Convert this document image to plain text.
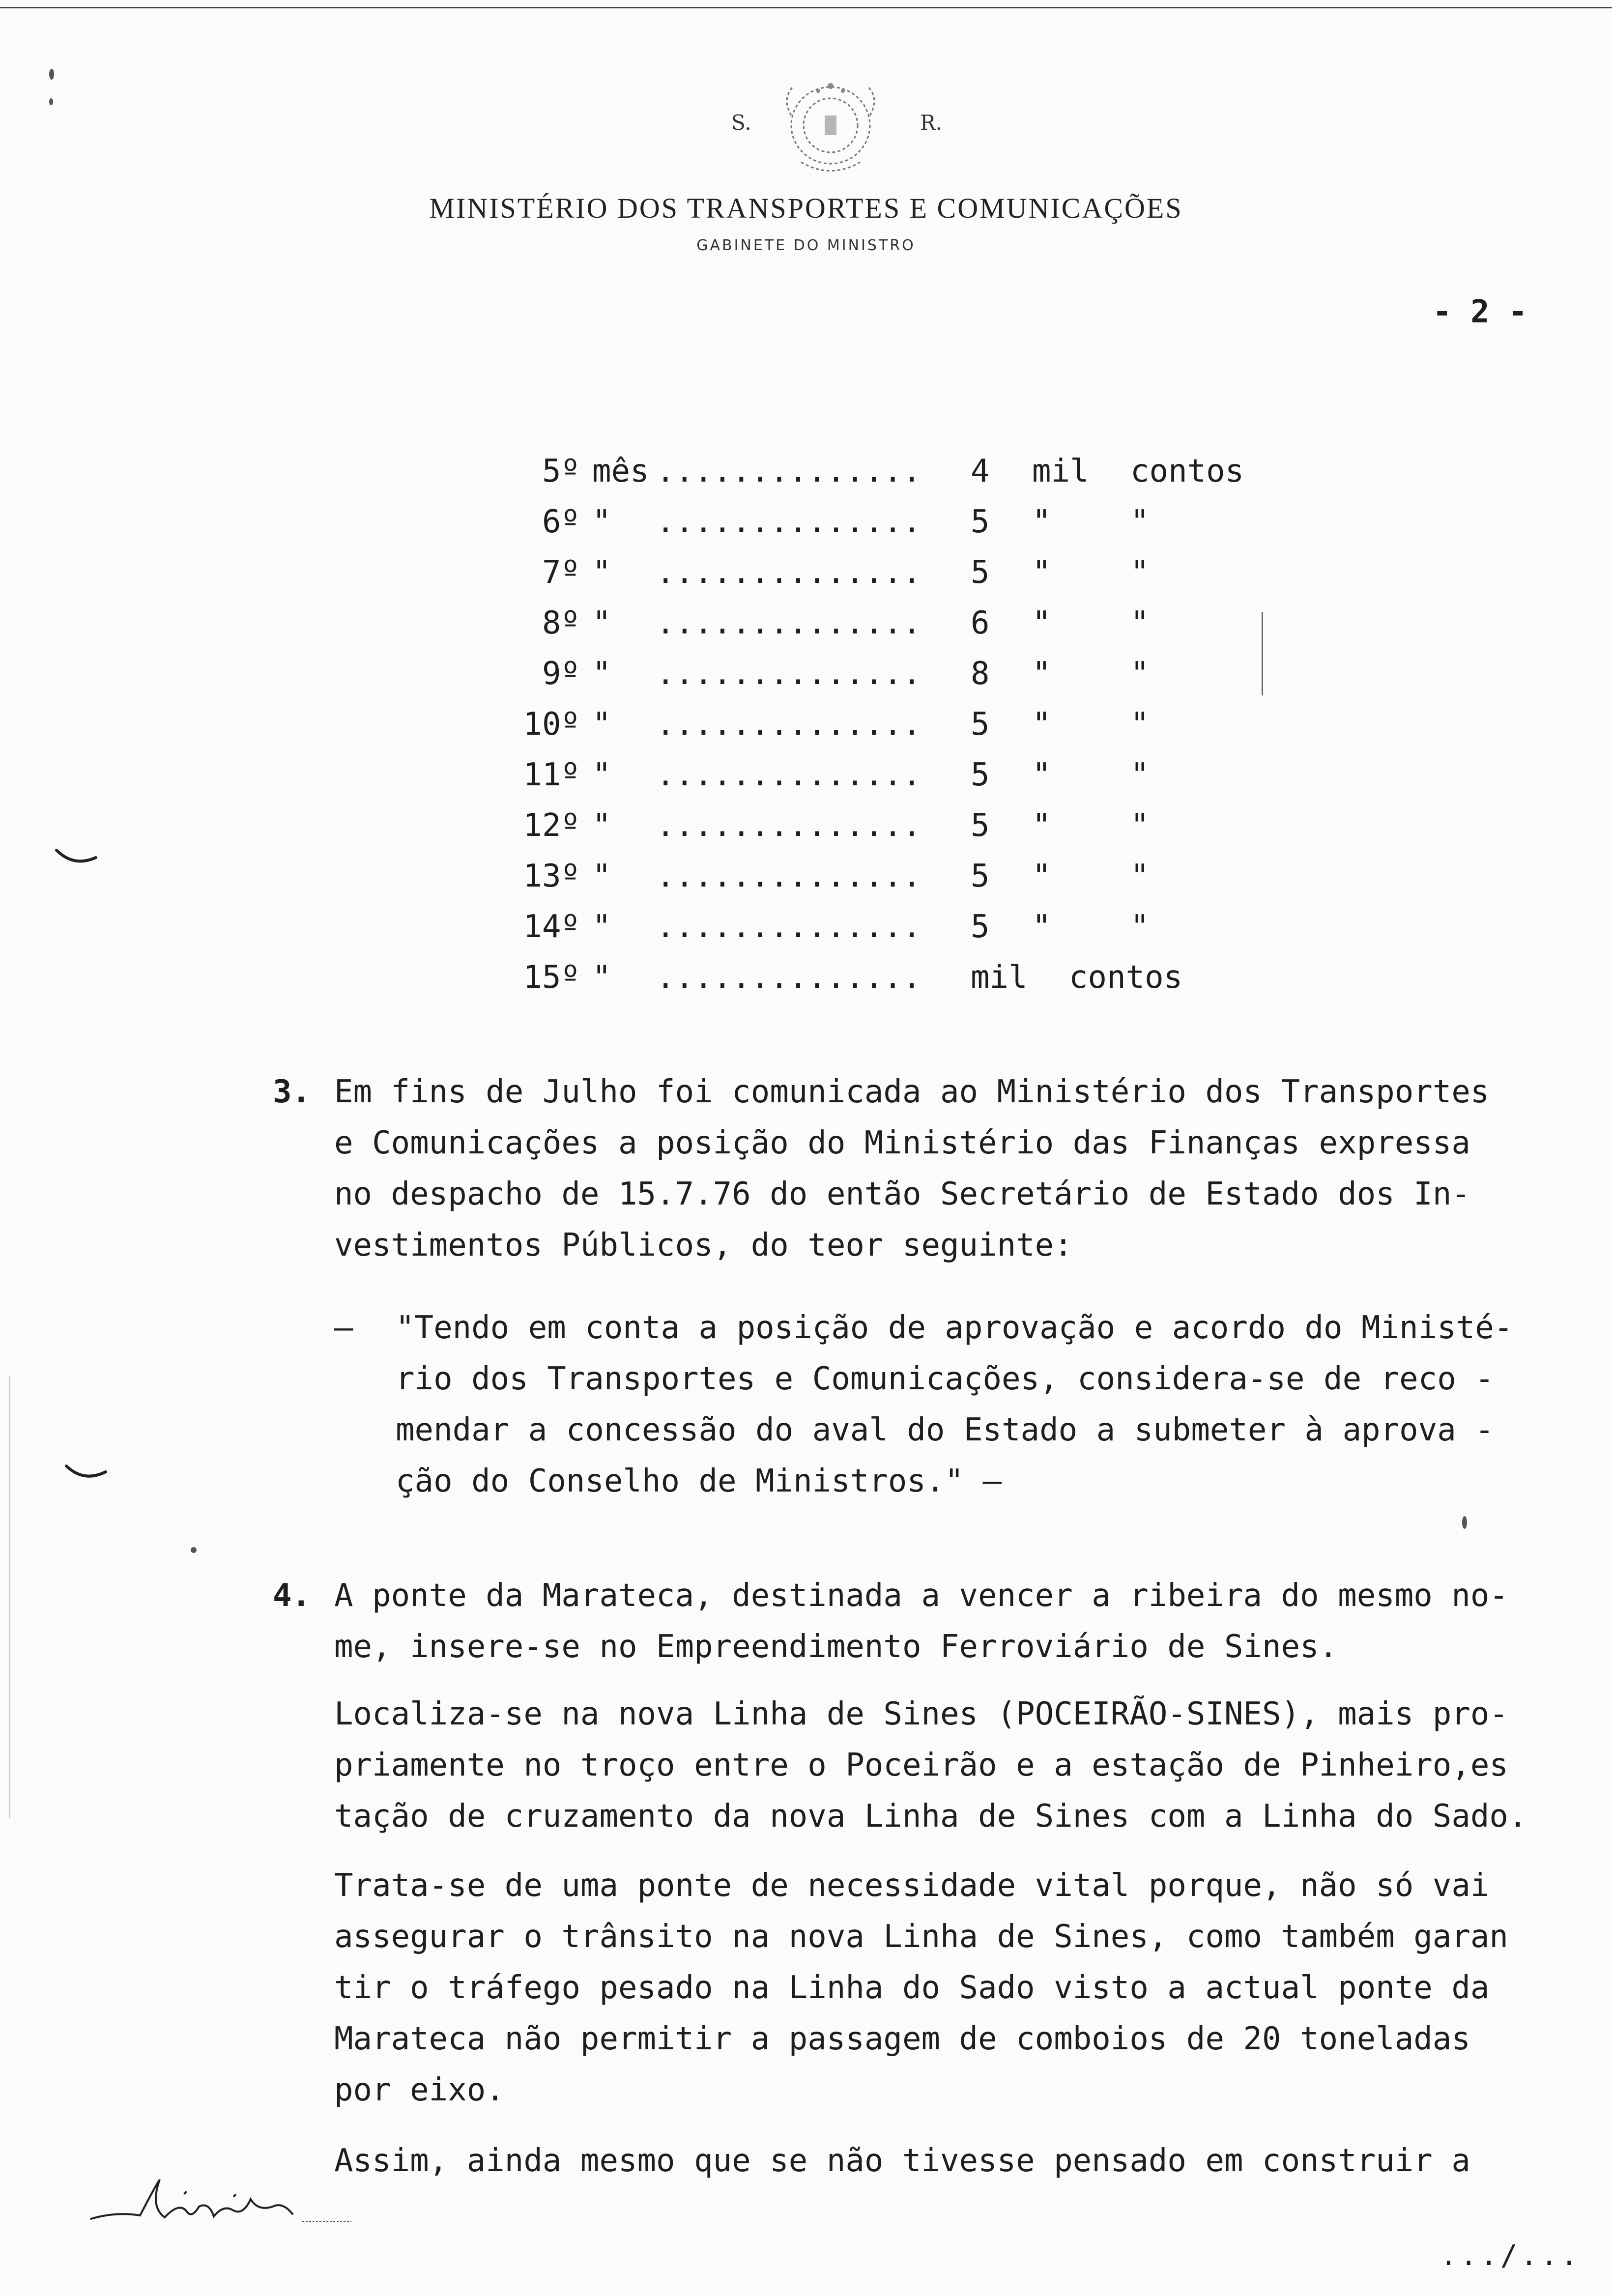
S.	R.
MINISTÉRIO DOS TRANSPORTES E COMUNICAÇÕES
GABINETE DO MINISTRO
- 2 -
5º mês .............. 4 mil contos
6º " .............. 5 "	"
7º " .............. 5 "	"
8º " .............. 6 "	"
9º " .............. 8 "	"
10º " .............. 5 "	"
11º " .............. 5 "	"
12º " .............. 5 "	"
13º " .............. 5 "	"
14º " .............. 5 "	"
15º " .............. mil contos
3. Em fins de Julho foi comunicada ao Ministério dos Transportes
e Comunicações a posição do Ministério das Finanças expressa
no despacho de 15.7.76 do então Secretário de Estado dos In-
vestimentos Públicos, do teor seguinte:
— "Tendo em conta a posição de aprovação e acordo do Ministé-
rio dos Transportes e Comunicações, considera-se de reco -
mendar a concessão do aval do Estado a submeter à aprova -
ção do Conselho de Ministros." —
4. A ponte da Marateca, destinada a vencer a ribeira do mesmo no-
me, insere-se no Empreendimento Ferroviário de Sines.
Localiza-se na nova Linha de Sines (POCEIRÃO-SINES), mais pro-
priamente no troço entre o Poceirão e a estação de Pinheiro,es
tação de cruzamento da nova Linha de Sines com a Linha do Sado.
Trata-se de uma ponte de necessidade vital porque, não só vai
assegurar o trânsito na nova Linha de Sines, como também garan
tir o tráfego pesado na Linha do Sado visto a actual ponte da
Marateca não permitir a passagem de comboios de 20 toneladas
por eixo.
Assim, ainda mesmo que se não tivesse pensado em construir a
.../...
